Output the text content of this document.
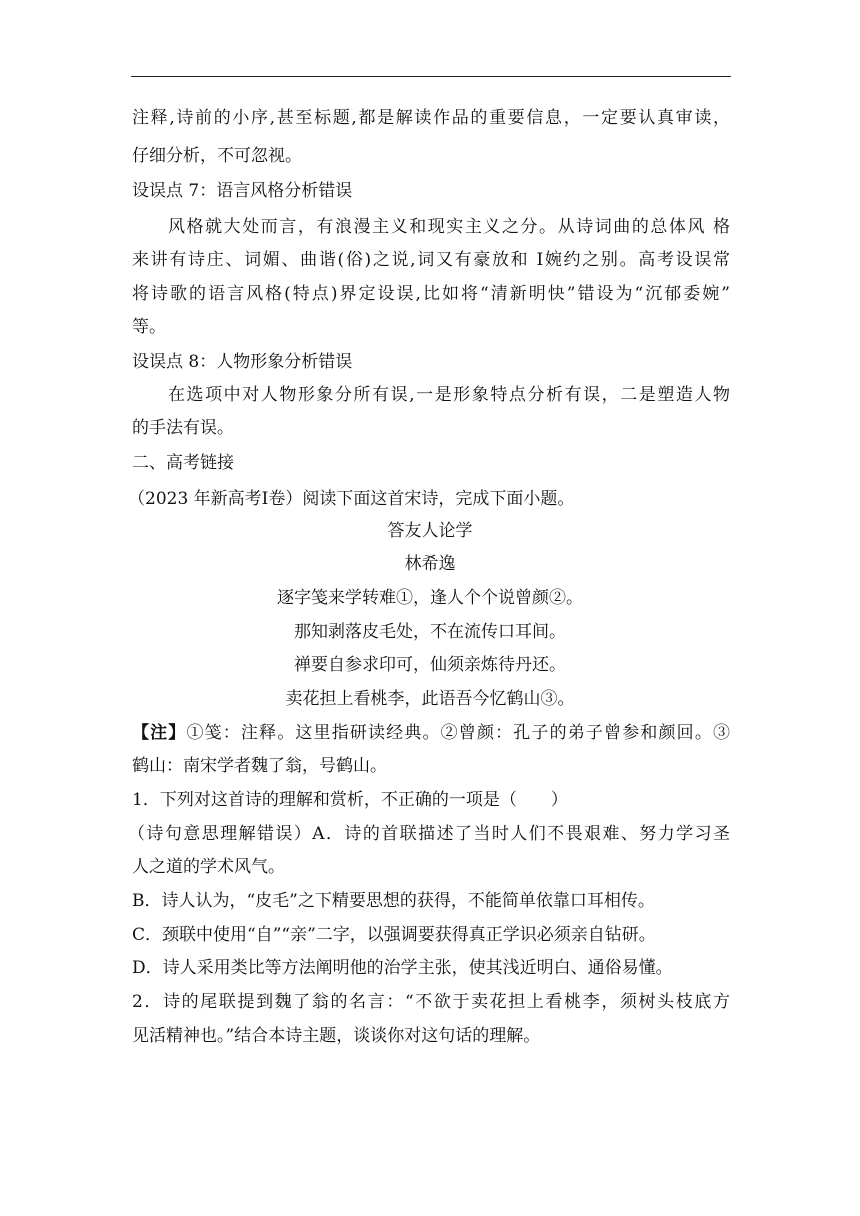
注释,诗前的小序,甚至标题,都是解读作品的重要信息，一定要认真审读，
仔细分析，不可忽视。
设误点 7：语言风格分析错误
风格就大处而言，有浪漫主义和现实主义之分。从诗词曲的总体风 格
来讲有诗庄、词媚、曲谐(俗)之说,词又有豪放和 Ⅰ婉约之别。高考设误常
将诗歌的语言风格(特点)界定设误,比如将“清新明快”错设为“沉郁委婉”
等。
设误点 8：人物形象分析错误
在选项中对人物形象分所有误,一是形象特点分析有误，二是塑造人物
的手法有误。
二、高考链接
（2023 年新高考Ⅰ卷）阅读下面这首宋诗，完成下面小题。
答友人论学
林希逸
逐字笺来学转难①，逢人个个说曾颜②。
那知剥落皮毛处，不在流传口耳间。
禅要自参求印可，仙须亲炼待丹还。
卖花担上看桃李，此语吾今忆鹤山③。
【注】①笺：注释。这里指研读经典。②曾颜：孔子的弟子曾参和颜回。③
鹤山：南宋学者魏了翁，号鹤山。
1．下列对这首诗的理解和赏析，不正确的一项是（　　）
（诗句意思理解错误）A．诗的首联描述了当时人们不畏艰难、努力学习圣
人之道的学术风气。
B．诗人认为，“皮毛”之下精要思想的获得，不能简单依靠口耳相传。
C．颈联中使用“自”“亲”二字，以强调要获得真正学识必须亲自钻研。
D．诗人采用类比等方法阐明他的治学主张，使其浅近明白、通俗易懂。
2．诗的尾联提到魏了翁的名言：“不欲于卖花担上看桃李，须树头枝底方
见活精神也。”结合本诗主题，谈谈你对这句话的理解。
